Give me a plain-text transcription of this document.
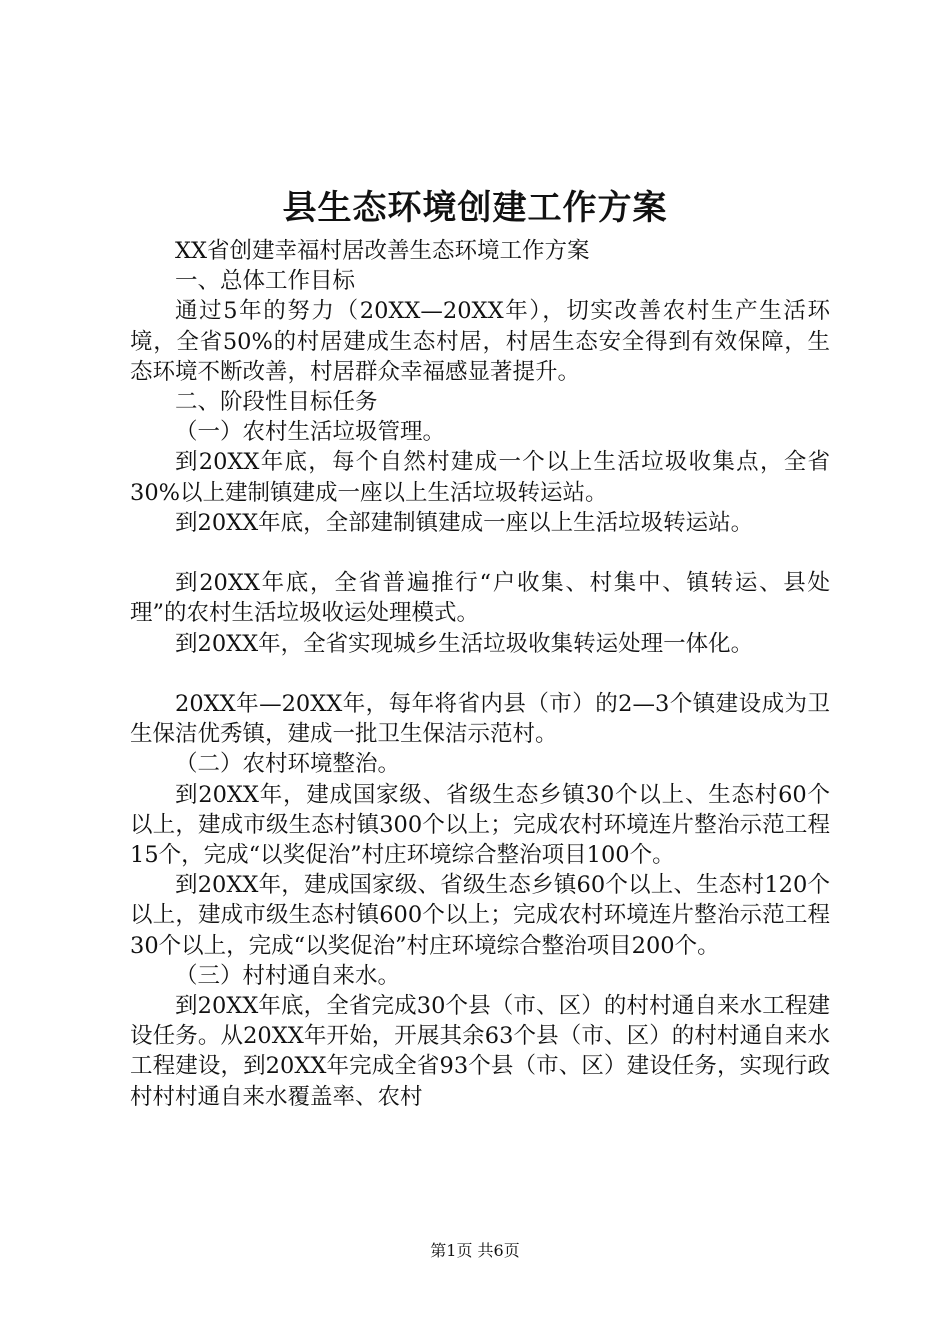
县生态环境创建工作方案

XX省创建幸福村居改善生态环境工作方案

一、总体工作目标

通过5年的努力（20XX—20XX年），切实改善农村生产生活环境，全省50%的村居建成生态村居，村居生态安全得到有效保障，生态环境不断改善，村居群众幸福感显著提升。

二、阶段性目标任务

（一）农村生活垃圾管理。

到20XX年底，每个自然村建成一个以上生活垃圾收集点，全省30%以上建制镇建成一座以上生活垃圾转运站。

到20XX年底，全部建制镇建成一座以上生活垃圾转运站。

到20XX年底，全省普遍推行“户收集、村集中、镇转运、县处理”的农村生活垃圾收运处理模式。

到20XX年，全省实现城乡生活垃圾收集转运处理一体化。

20XX年—20XX年，每年将省内县（市）的2—3个镇建设成为卫生保洁优秀镇，建成一批卫生保洁示范村。

（二）农村环境整治。

到20XX年，建成国家级、省级生态乡镇30个以上、生态村60个以上，建成市级生态村镇300个以上；完成农村环境连片整治示范工程15个，完成“以奖促治”村庄环境综合整治项目100个。

到20XX年，建成国家级、省级生态乡镇60个以上、生态村120个以上，建成市级生态村镇600个以上；完成农村环境连片整治示范工程30个以上，完成“以奖促治”村庄环境综合整治项目200个。

（三）村村通自来水。

到20XX年底，全省完成30个县（市、区）的村村通自来水工程建设任务。从20XX年开始，开展其余63个县（市、区）的村村通自来水工程建设，到20XX年完成全省93个县（市、区）建设任务，实现行政村村村通自来水覆盖率、农村

第1页 共6页
